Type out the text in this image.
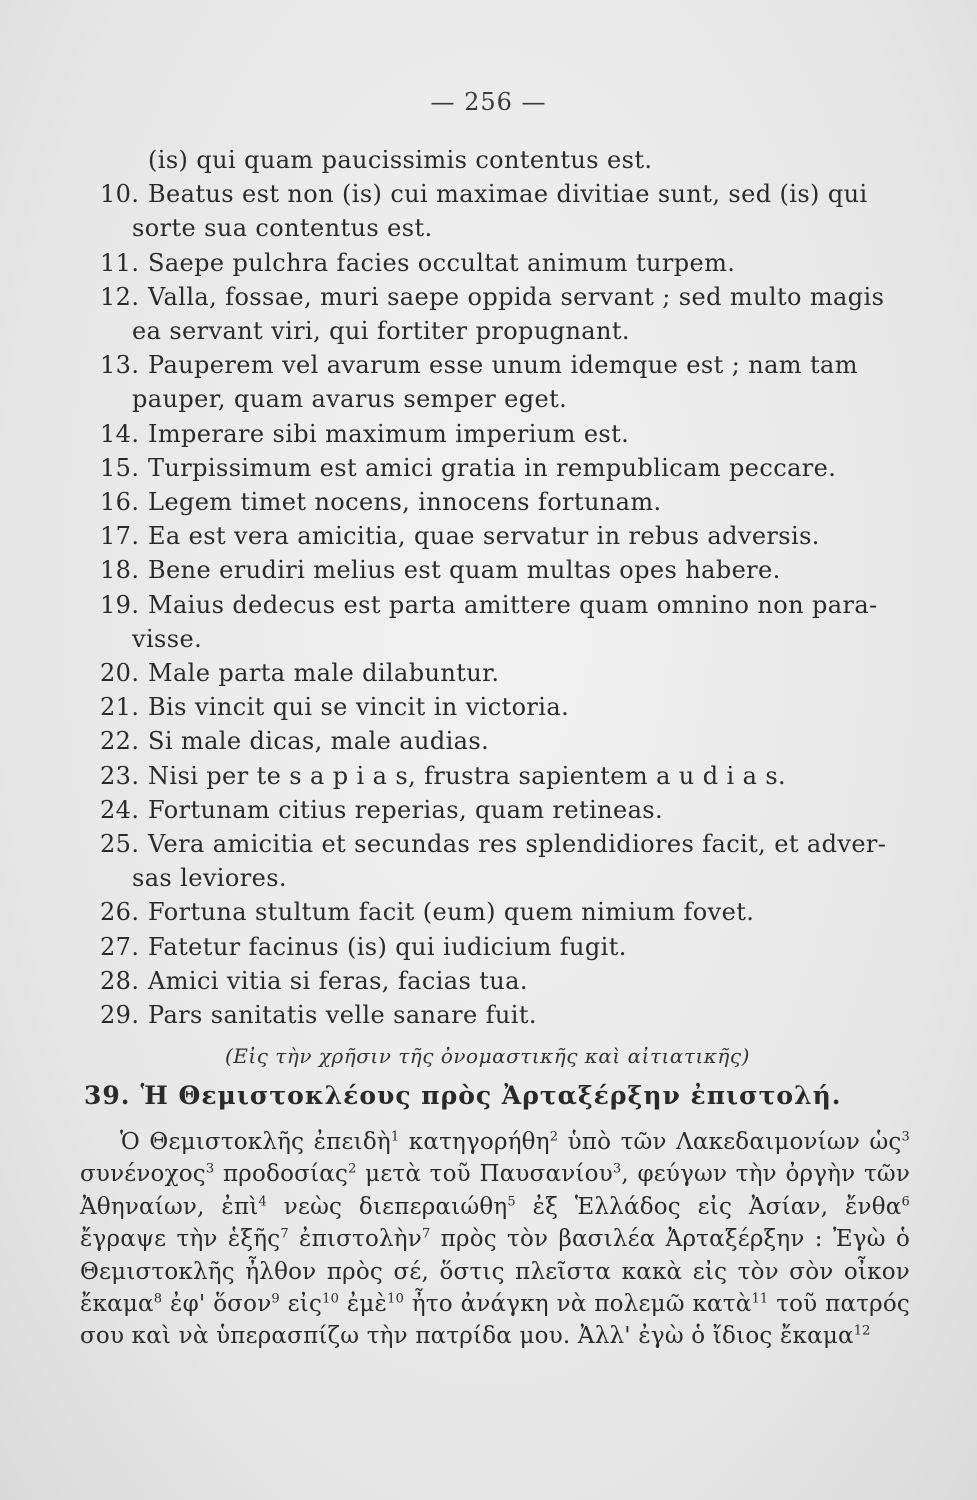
— 256 —
(is) qui quam paucissimis contentus est.
10. Beatus est non (is) cui maximae divitiae sunt, sed (is) qui
sorte sua contentus est.
11. Saepe pulchra facies occultat animum turpem.
12. Valla, fossae, muri saepe oppida servant ; sed multo magis
ea servant viri, qui fortiter propugnant.
13. Pauperem vel avarum esse unum idemque est ; nam tam
pauper, quam avarus semper eget.
14. Imperare sibi maximum imperium est.
15. Turpissimum est amici gratia in rempublicam peccare.
16. Legem timet nocens, innocens fortunam.
17. Ea est vera amicitia, quae servatur in rebus adversis.
18. Bene erudiri melius est quam multas opes habere.
19. Maius dedecus est parta amittere quam omnino non para-
visse.
20. Male parta male dilabuntur.
21. Bis vincit qui se vincit in victoria.
22. Si male dicas, male audias.
23. Nisi per te s a p i a s, frustra sapientem a u d i a s.
24. Fortunam citius reperias, quam retineas.
25. Vera amicitia et secundas res splendidiores facit, et adver-
sas leviores.
26. Fortuna stultum facit (eum) quem nimium fovet.
27. Fatetur facinus (is) qui iudicium fugit.
28. Amici vitia si feras, facias tua.
29. Pars sanitatis velle sanare fuit.
(Εἰς τὴν χρῆσιν τῆς ὀνομαστικῆς καὶ αἰτιατικῆς)
39. Ἡ Θεμιστοκλέους πρὸς Ἀρταξέρξην ἐπιστολή.
Ὁ Θεμιστοκλῆς ἐπειδὴ$^1$ κατηγορήθη$^2$ ὑπὸ τῶν Λακεδαιμονίων ὡς$^3$ συνένοχος$^3$ προδοσίας$^2$ μετὰ τοῦ Παυσανίου$^3$, φεύγων τὴν ὀργὴν τῶν Ἀθηναίων, ἐπὶ$^4$ νεὼς διεπεραιώθη$^5$ ἐξ Ἑλλάδος εἰς Ἀσίαν, ἔνθα$^6$ ἔγραψε τὴν ἑξῆς$^7$ ἐπιστολὴν$^7$ πρὸς τὸν βασιλέα Ἀρταξέρξην : Ἐγὼ ὁ Θεμιστοκλῆς ἦλθον πρὸς σέ, ὅστις πλεῖστα κακὰ εἰς τὸν σὸν οἶκον ἔκαμα$^8$ ἐφ' ὅσον$^9$ εἰς$^{10}$ ἐμὲ$^{10}$ ἦτο ἀνάγκη νὰ πολεμῶ κατὰ$^{11}$ τοῦ πατρός σου καὶ νὰ ὑπερασπίζω τὴν πατρίδα μου. Ἀλλ' ἐγὼ ὁ ἴδιος ἔκαμα$^{12}$
